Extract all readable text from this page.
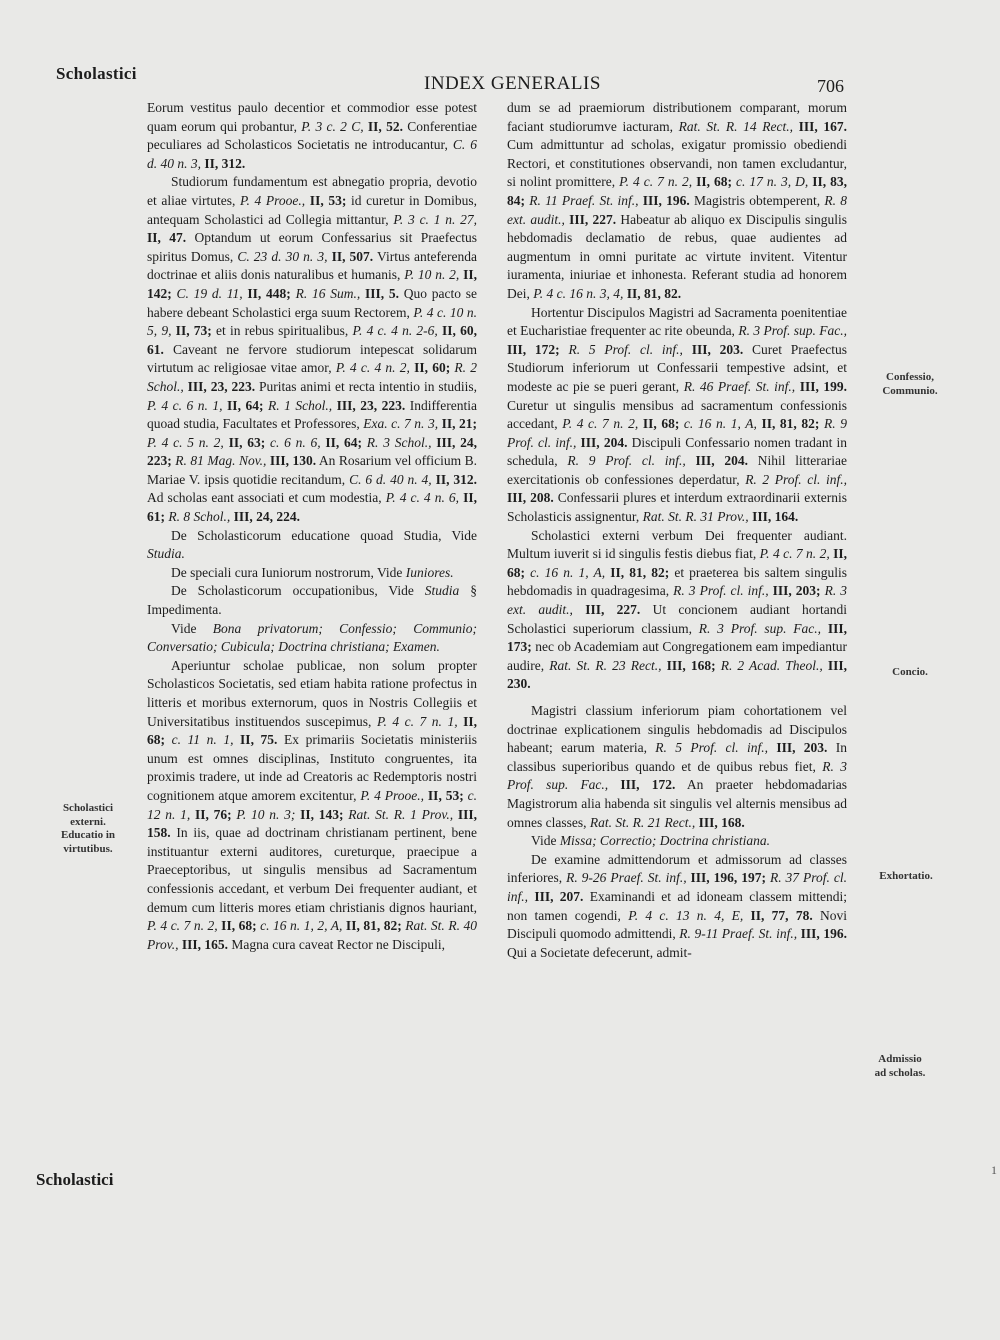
Scholastici	INDEX GENERALIS	706

Eorum vestitus paulo decentior et commodior esse potest quam eorum qui probantur, P. 3 c. 2 C, II, 52. Conferentiae peculiares ad Scholasticos Societatis ne introducantur, C. 6 d. 40 n. 3, II, 312.

Studiorum fundamentum est abnegatio propria, devotio et aliae virtutes, P. 4 Prooe., II, 53; id curetur in Domibus, antequam Scholastici ad Collegia mittantur, P. 3 c. 1 n. 27, II, 47. Optandum ut eorum Confessarius sit Praefectus spiritus Domus, C. 23 d. 30 n. 3, II, 507. Virtus anteferenda doctrinae et aliis donis naturalibus et humanis, P. 10 n. 2, II, 142; C. 19 d. 11, II, 448; R. 16 Sum., III, 5. Quo pacto se habere debeant Scholastici erga suum Rectorem, P. 4 c. 10 n. 5, 9, II, 73; et in rebus spiritualibus, P. 4 c. 4 n. 2-6, II, 60, 61. Caveant ne fervore studiorum intepescat solidarum virtutum ac religiosae vitae amor, P. 4 c. 4 n. 2, II, 60; R. 2 Schol., III, 23, 223. Puritas animi et recta intentio in studiis, P. 4 c. 6 n. 1, II, 64; R. 1 Schol., III, 23, 223. Indifferentia quoad studia, Facultates et Professores, Exa. c. 7 n. 3, II, 21; P. 4 c. 5 n. 2, II, 63; c. 6 n. 6, II, 64; R. 3 Schol., III, 24, 223; R. 81 Mag. Nov., III, 130. An Rosarium vel officium B. Mariae V. ipsis quotidie recitandum, C. 6 d. 40 n. 4, II, 312. Ad scholas eant associati et cum modestia, P. 4 c. 4 n. 6, II, 61; R. 8 Schol., III, 24, 224.

De Scholasticorum educatione quoad Studia, Vide Studia.

De speciali cura Iuniorum nostrorum, Vide Iuniores.

De Scholasticorum occupationibus, Vide Studia § Impedimenta.

Vide Bona privatorum; Confessio; Communio; Conversatio; Cubicula; Doctrina christiana; Examen.

Aperiuntur scholae publicae, non solum propter Scholasticos Societatis, sed etiam habita ratione profectus in litteris et moribus externorum, quos in Nostris Collegiis et Universitatibus instituendos suscepimus, P. 4 c. 7 n. 1, II, 68; c. 11 n. 1, II, 75. Ex primariis Societatis ministeriis unum est omnes disciplinas, Instituto congruentes, ita proximis tradere, ut inde ad Creatoris ac Redemptoris nostri cognitionem atque amorem excitentur, P. 4 Prooe., II, 53; c. 12 n. 1, II, 76; P. 10 n. 3; II, 143; Rat. St. R. 1 Prov., III, 158. In iis, quae ad doctrinam christianam pertinent, bene instituantur externi auditores, cureturque, praecipue a Praeceptoribus, ut singulis mensibus ad Sacramentum confessionis accedant, et verbum Dei frequenter audiant, et demum cum litteris mores etiam christianis dignos hauriant, P. 4 c. 7 n. 2, II, 68; c. 16 n. 1, 2, A, II, 81, 82; Rat. St. R. 40 Prov., III, 165. Magna cura caveat Rector ne Discipuli,

dum se ad praemiorum distributionem comparant, morum faciant studiorumve iacturam, Rat. St. R. 14 Rect., III, 167. Cum admittuntur ad scholas, exigatur promissio obediendi Rectori, et constitutiones observandi, non tamen excludantur, si nolint promittere, P. 4 c. 7 n. 2, II, 68; c. 17 n. 3, D, II, 83, 84; R. 11 Praef. St. inf., III, 196. Magistris obtemperent, R. 8 ext. audit., III, 227. Habeatur ab aliquo ex Discipulis singulis hebdomadis declamatio de rebus, quae audientes ad augmentum in omni puritate ac virtute invitent. Vitentur iuramenta, iniuriae et inhonesta. Referant studia ad honorem Dei, P. 4 c. 16 n. 3, 4, II, 81, 82.

Hortentur Discipulos Magistri ad Sacramenta poenitentiae et Eucharistiae frequenter ac rite obeunda, R. 3 Prof. sup. Fac., III, 172; R. 5 Prof. cl. inf., III, 203. Curet Praefectus Studiorum inferiorum ut Confessarii tempestive adsint, et modeste ac pie se pueri gerant, R. 46 Praef. St. inf., III, 199. Curetur ut singulis mensibus ad sacramentum confessionis accedant, P. 4 c. 7 n. 2, II, 68; c. 16 n. 1, A, II, 81, 82; R. 9 Prof. cl. inf., III, 204. Discipuli Confessario nomen tradant in schedula, R. 9 Prof. cl. inf., III, 204. Nihil litterariae exercitationis ob confessiones deperdatur, R. 2 Prof. cl. inf., III, 208. Confessarii plures et interdum extraordinarii externis Scholasticis assignentur, Rat. St. R. 31 Prov., III, 164.

Scholastici externi verbum Dei frequenter audiant. Multum iuverit si id singulis festis diebus fiat, P. 4 c. 7 n. 2, II, 68; c. 16 n. 1, A, II, 81, 82; et praeterea bis saltem singulis hebdomadis in quadragesima, R. 3 Prof. cl. inf., III, 203; R. 3 ext. audit., III, 227. Ut concionem audiant hortandi Scholastici superiorum classium, R. 3 Prof. sup. Fac., III, 173; nec ob Academiam aut Congregationem eam impediantur audire, Rat. St. R. 23 Rect., III, 168; R. 2 Acad. Theol., III, 230.

Magistri classium inferiorum piam cohortationem vel doctrinae explicationem singulis hebdomadis ad Discipulos habeant; earum materia, R. 5 Prof. cl. inf., III, 203. In classibus superioribus quando et de quibus rebus fiet, R. 3 Prof. sup. Fac., III, 172. An praeter hebdomadarias Magistrorum alia habenda sit singulis vel alternis mensibus ad omnes classes, Rat. St. R. 21 Rect., III, 168.

Vide Missa; Correctio; Doctrina christiana.

De examine admittendorum et admissorum ad classes inferiores, R. 9-26 Praef. St. inf., III, 196, 197; R. 37 Prof. cl. inf., III, 207. Examinandi et ad idoneam classem mittendi; non tamen cogendi, P. 4 c. 13 n. 4, E, II, 77, 78. Novi Discipuli quomodo admittendi, R. 9-11 Praef. St. inf., III, 196. Qui a Societate defecerunt, admit-

Scholastici
externi.
Educatio in
virtutibus.
Confessio,
Communio.
Concio.
Exhortatio.
Admissio
ad scholas.
Scholastici	1
